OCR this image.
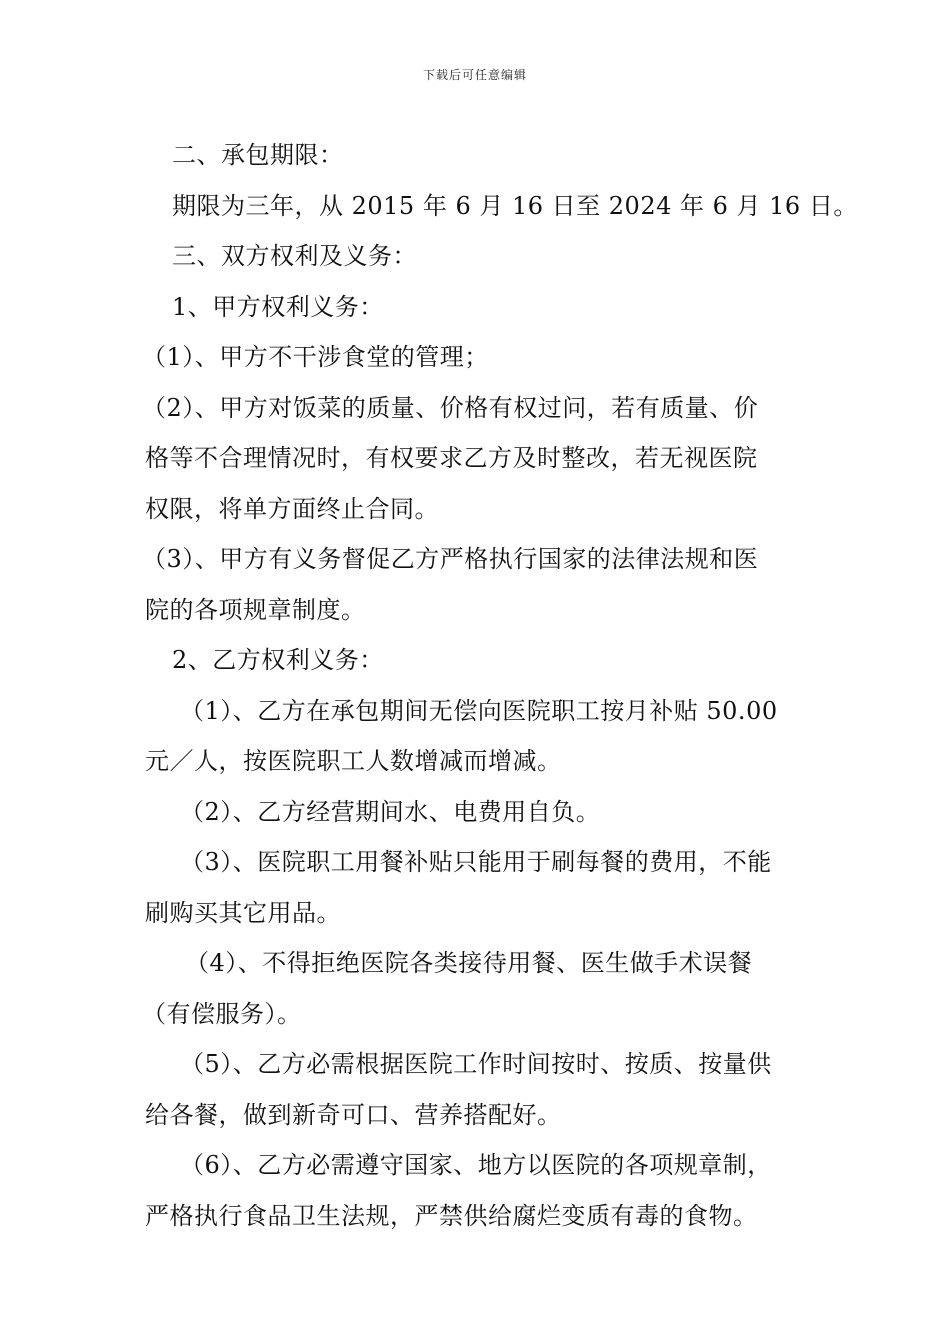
下载后可任意编辑
二、承包期限：
期限为三年，从 2015 年 6 月 16 日至 2024 年 6 月 16 日。
三、双方权利及义务：
1、甲方权利义务：
（1）、甲方不干涉食堂的管理；
（2）、甲方对饭菜的质量、价格有权过问，若有质量、价
格等不合理情况时，有权要求乙方及时整改，若无视医院
权限，将单方面终止合同。
（3）、甲方有义务督促乙方严格执行国家的法律法规和医
院的各项规章制度。
2、乙方权利义务：
（1）、乙方在承包期间无偿向医院职工按月补贴 50.00
元／人，按医院职工人数增减而增减。
（2）、乙方经营期间水、电费用自负。
（3）、医院职工用餐补贴只能用于刷每餐的费用，不能
刷购买其它用品。
（4）、不得拒绝医院各类接待用餐、医生做手术误餐
（有偿服务）。
（5）、乙方必需根据医院工作时间按时、按质、按量供
给各餐，做到新奇可口、营养搭配好。
（6）、乙方必需遵守国家、地方以医院的各项规章制，
严格执行食品卫生法规，严禁供给腐烂变质有毒的食物。
